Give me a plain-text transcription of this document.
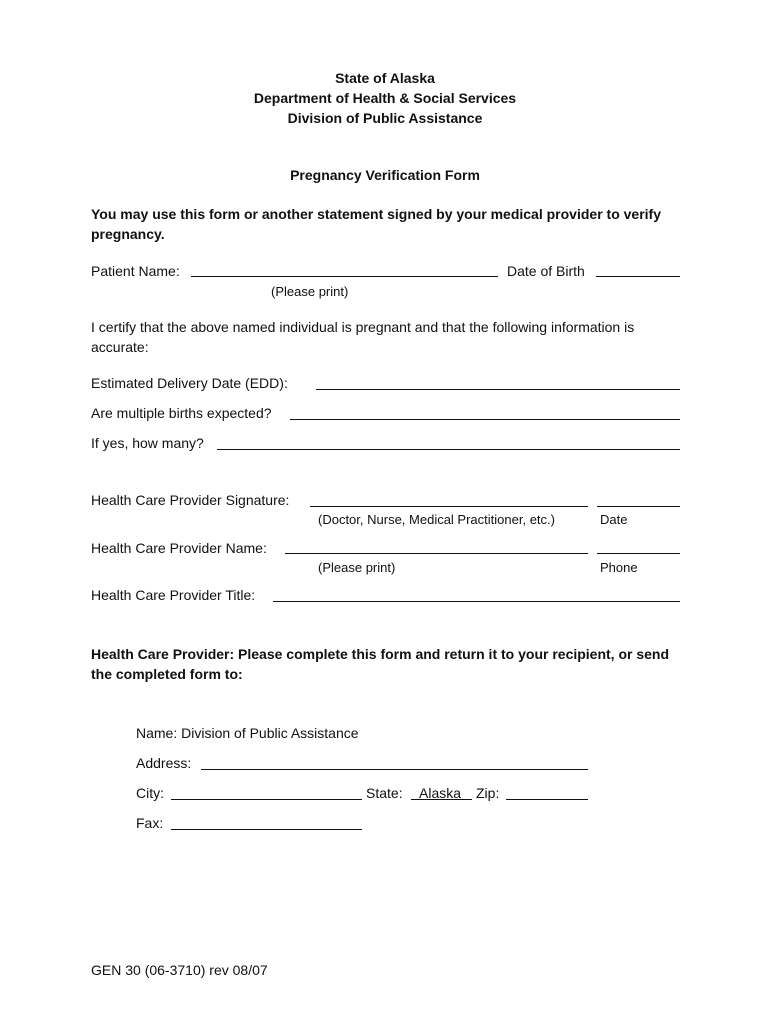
State of Alaska
Department of Health & Social Services
Division of Public Assistance
Pregnancy Verification Form
You may use this form or another statement signed by your medical provider to verify pregnancy.
Patient Name:
(Please print)
Date of Birth
I certify that the above named individual is pregnant and that the following information is accurate:
Estimated Delivery Date (EDD):
Are multiple births expected?
If yes, how many?
Health Care Provider Signature:
(Doctor, Nurse, Medical Practitioner, etc.)	Date
Health Care Provider Name:
(Please print)	Phone
Health Care Provider Title:
Health Care Provider: Please complete this form and return it to your recipient, or send the completed form to:
Name: Division of Public Assistance
Address:
City:	State: Alaska Zip:
Fax:
GEN 30 (06-3710) rev 08/07
